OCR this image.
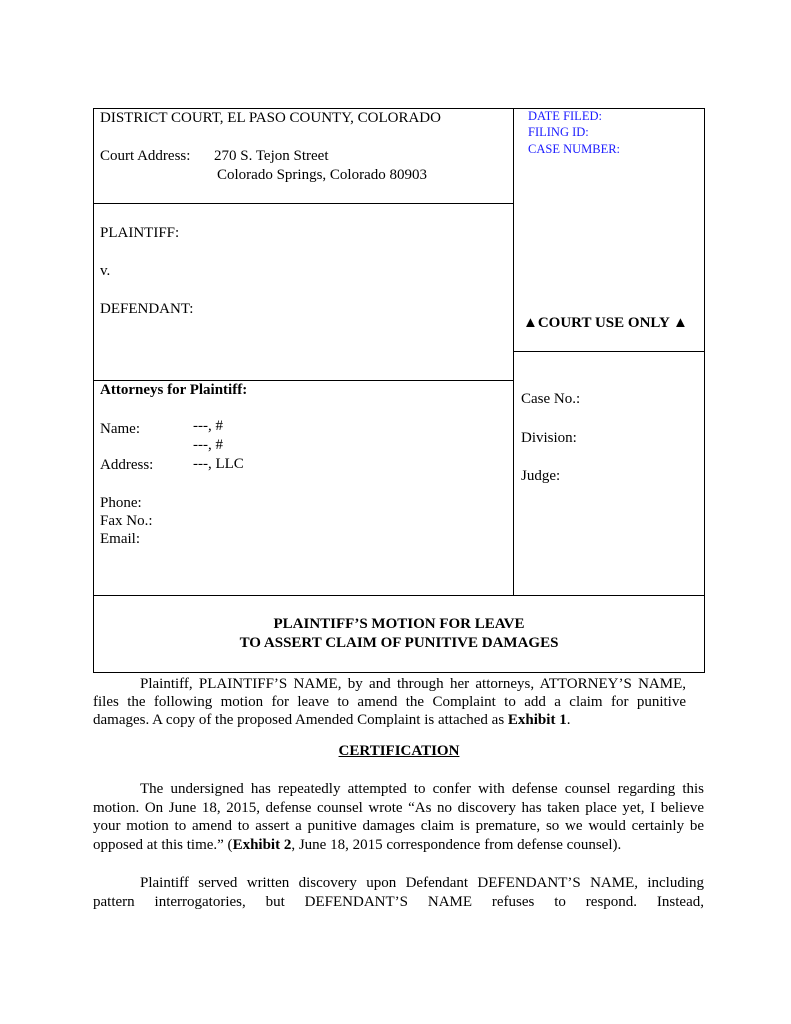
DISTRICT COURT, EL PASO COUNTY, COLORADO
Court Address: 270 S. Tejon Street
Colorado Springs, Colorado 80903
DATE FILED:
FILING ID:
CASE NUMBER:
PLAINTIFF:
v.
DEFENDANT:
▲COURT USE ONLY ▲
Attorneys for Plaintiff:
Name:	---, #
---, #
Address:	---, LLC
Phone:
Fax No.:
Email:
Case No.:
Division:
Judge:
PLAINTIFF’S MOTION FOR LEAVE
TO ASSERT CLAIM OF PUNITIVE DAMAGES
Plaintiff, PLAINTIFF’S NAME, by and through her attorneys, ATTORNEY’S NAME,
files the following motion for leave to amend the Complaint to add a claim for punitive
damages. A copy of the proposed Amended Complaint is attached as Exhibit 1.
CERTIFICATION
The undersigned has repeatedly attempted to confer with defense counsel regarding this
motion. On June 18, 2015, defense counsel wrote “As no discovery has taken place yet, I believe
your motion to amend to assert a punitive damages claim is premature, so we would certainly be
opposed at this time.” (Exhibit 2, June 18, 2015 correspondence from defense counsel).
Plaintiff served written discovery upon Defendant DEFENDANT’S NAME, including
pattern interrogatories, but DEFENDANT’S NAME refuses to respond. Instead,
